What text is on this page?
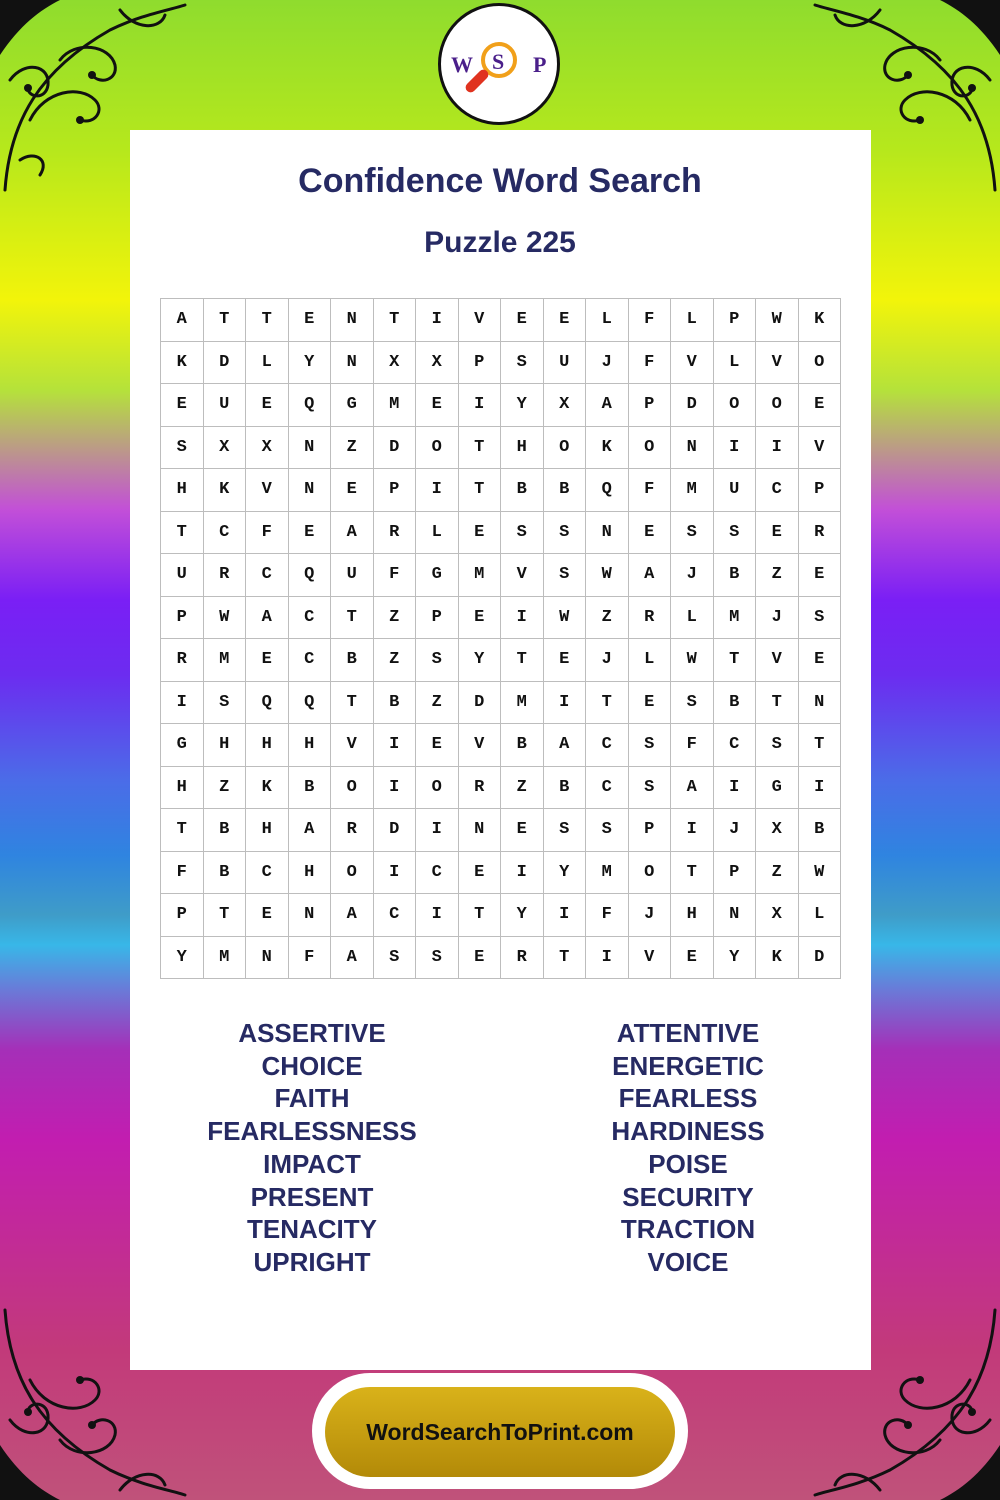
W S P
Confidence Word Search
Puzzle 225
A	T	T	E	N	T	I	V	E	E	L	F	L	P	W	K
K	D	L	Y	N	X	X	P	S	U	J	F	V	L	V	O
E	U	E	Q	G	M	E	I	Y	X	A	P	D	O	O	E
S	X	X	N	Z	D	O	T	H	O	K	O	N	I	I	V
H	K	V	N	E	P	I	T	B	B	Q	F	M	U	C	P
T	C	F	E	A	R	L	E	S	S	N	E	S	S	E	R
U	R	C	Q	U	F	G	M	V	S	W	A	J	B	Z	E
P	W	A	C	T	Z	P	E	I	W	Z	R	L	M	J	S
R	M	E	C	B	Z	S	Y	T	E	J	L	W	T	V	E
I	S	Q	Q	T	B	Z	D	M	I	T	E	S	B	T	N
G	H	H	H	V	I	E	V	B	A	C	S	F	C	S	T
H	Z	K	B	O	I	O	R	Z	B	C	S	A	I	G	I
T	B	H	A	R	D	I	N	E	S	S	P	I	J	X	B
F	B	C	H	O	I	C	E	I	Y	M	O	T	P	Z	W
P	T	E	N	A	C	I	T	Y	I	F	J	H	N	X	L
Y	M	N	F	A	S	S	E	R	T	I	V	E	Y	K	D
ASSERTIVE
CHOICE
FAITH
FEARLESSNESS
IMPACT
PRESENT
TENACITY
UPRIGHT
ATTENTIVE
ENERGETIC
FEARLESS
HARDINESS
POISE
SECURITY
TRACTION
VOICE
WordSearchToPrint.com
